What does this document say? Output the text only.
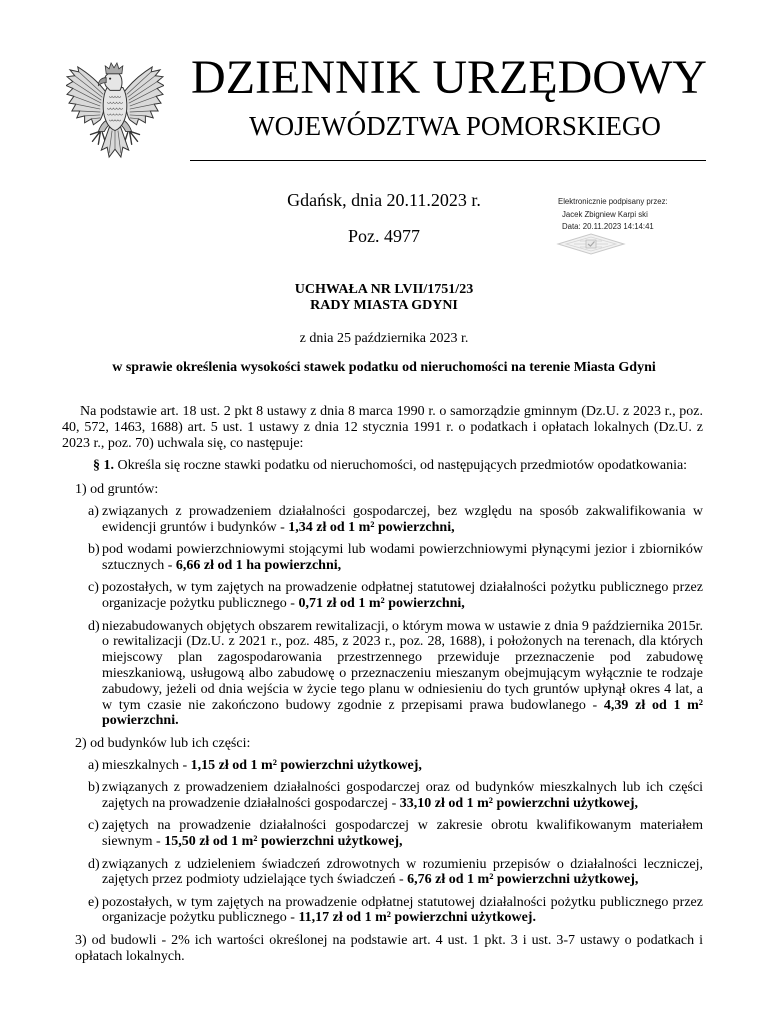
DZIENNIK URZĘDOWY
WOJEWÓDZTWA POMORSKIEGO
Gdańsk, dnia 20.11.2023 r.
Poz. 4977
Elektronicznie podpisany przez:
Jacek Zbigniew Karpi ski
Data: 20.11.2023 14:14:41
UCHWAŁA NR LVII/1751/23
RADY MIASTA GDYNI
z dnia 25 października 2023 r.
w sprawie określenia wysokości stawek podatku od nieruchomości na terenie Miasta Gdyni

Na podstawie art. 18 ust. 2 pkt 8 ustawy z dnia 8 marca 1990 r. o samorządzie gminnym (Dz.U. z 2023 r., poz. 40, 572, 1463, 1688) art. 5 ust. 1 ustawy z dnia 12 stycznia 1991 r. o podatkach i opłatach lokalnych (Dz.U. z 2023 r., poz. 70) uchwala się, co następuje:

§ 1. Określa się roczne stawki podatku od nieruchomości, od następujących przedmiotów opodatkowania:

1) od gruntów:

a) związanych z prowadzeniem działalności gospodarczej, bez względu na sposób zakwalifikowania w ewidencji gruntów i budynków - 1,34 zł od 1 m² powierzchni,
b) pod wodami powierzchniowymi stojącymi lub wodami powierzchniowymi płynącymi jezior i zbiorników sztucznych - 6,66 zł od 1 ha powierzchni,
c) pozostałych, w tym zajętych na prowadzenie odpłatnej statutowej działalności pożytku publicznego przez organizacje pożytku publicznego - 0,71 zł od 1 m² powierzchni,
d) niezabudowanych objętych obszarem rewitalizacji, o którym mowa w ustawie z dnia 9 października 2015r. o rewitalizacji (Dz.U. z 2021 r., poz. 485, z 2023 r., poz. 28, 1688), i położonych na terenach, dla których miejscowy plan zagospodarowania przestrzennego przewiduje przeznaczenie pod zabudowę mieszkaniową, usługową albo zabudowę o przeznaczeniu mieszanym obejmującym wyłącznie te rodzaje zabudowy, jeżeli od dnia wejścia w życie tego planu w odniesieniu do tych gruntów upłynął okres 4 lat, a w tym czasie nie zakończono budowy zgodnie z przepisami prawa budowlanego - 4,39 zł od 1 m² powierzchni.

2) od budynków lub ich części:

a) mieszkalnych - 1,15 zł od 1 m² powierzchni użytkowej,
b) związanych z prowadzeniem działalności gospodarczej oraz od budynków mieszkalnych lub ich części zajętych na prowadzenie działalności gospodarczej - 33,10 zł od 1 m² powierzchni użytkowej,
c) zajętych na prowadzenie działalności gospodarczej w zakresie obrotu kwalifikowanym materiałem siewnym - 15,50 zł od 1 m² powierzchni użytkowej,
d) związanych z udzieleniem świadczeń zdrowotnych w rozumieniu przepisów o działalności leczniczej, zajętych przez podmioty udzielające tych świadczeń - 6,76 zł od 1 m² powierzchni użytkowej,
e) pozostałych, w tym zajętych na prowadzenie odpłatnej statutowej działalności pożytku publicznego przez organizacje pożytku publicznego - 11,17 zł od 1 m² powierzchni użytkowej.

3) od budowli - 2% ich wartości określonej na podstawie art. 4 ust. 1 pkt. 3 i ust. 3-7 ustawy o podatkach i opłatach lokalnych.
